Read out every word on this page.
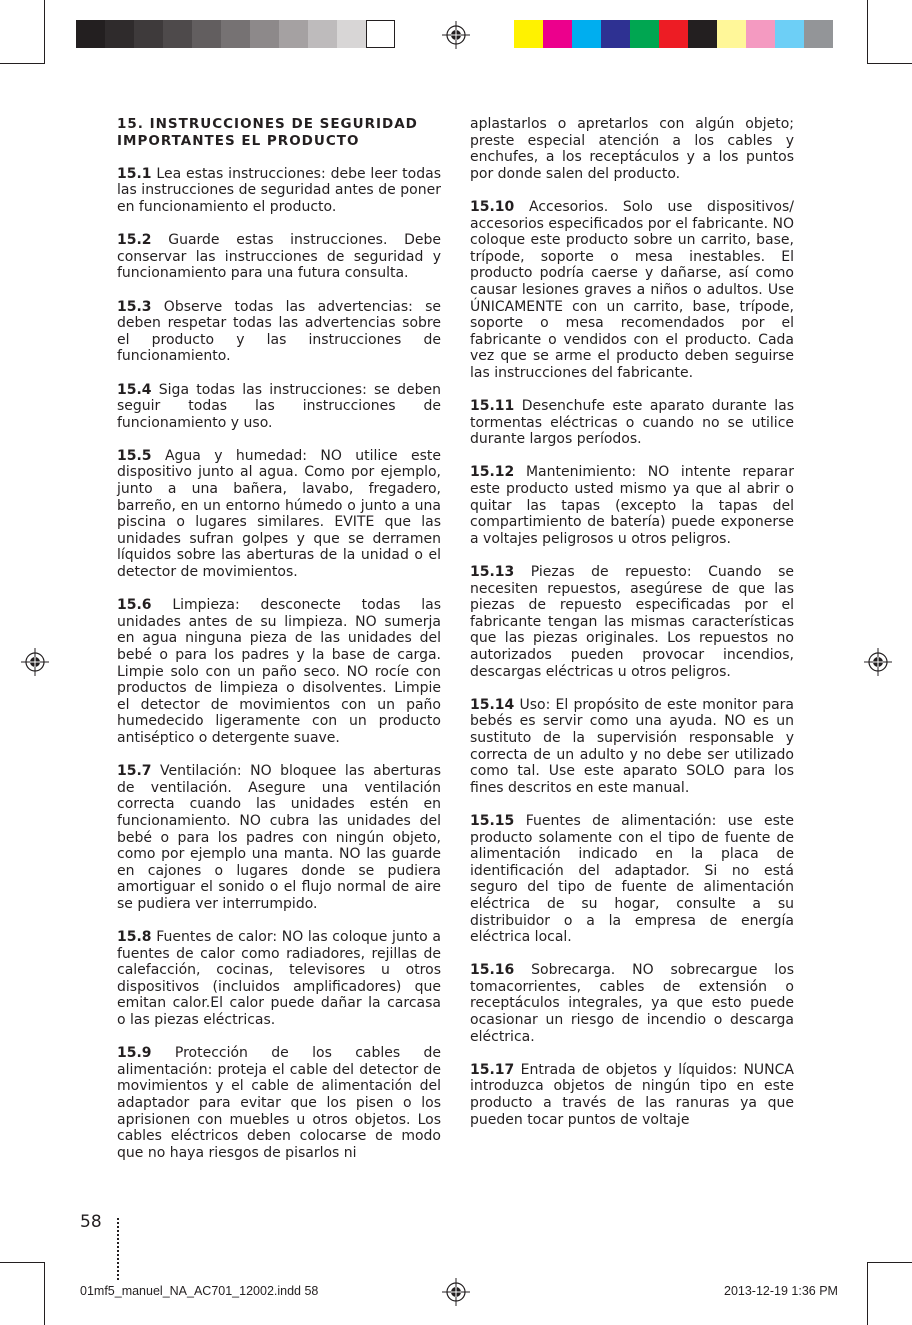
15. INSTRUCCIONES DE SEGURIDAD
IMPORTANTES EL PRODUCTO

15.1 Lea estas instrucciones: debe leer todas las instrucciones de seguridad antes de poner en funcionamiento el producto.

15.2 Guarde estas instrucciones. Debe conservar las instrucciones de seguridad y funcionamiento para una futura consulta.

15.3 Observe todas las advertencias: se deben respetar todas las advertencias sobre el producto y las instrucciones de funcionamiento.

15.4 Siga todas las instrucciones: se deben seguir todas las instrucciones de funcionamiento y uso.

15.5 Agua y humedad: NO utilice este dispositivo junto al agua. Como por ejemplo, junto a una bañera, lavabo, fregadero, barreño, en un entorno húmedo o junto a una piscina o lugares similares. EVITE que las unidades sufran golpes y que se derramen líquidos sobre las aberturas de la unidad o el detector de movimientos.

15.6 Limpieza: desconecte todas las unidades antes de su limpieza. NO sumerja en agua ninguna pieza de las unidades del bebé o para los padres y la base de carga. Limpie solo con un paño seco. NO rocíe con productos de limpieza o disolventes. Limpie el detector de movimientos con un paño humedecido ligeramente con un producto antiséptico o detergente suave.

15.7 Ventilación: NO bloquee las aberturas de ventilación. Asegure una ventilación correcta cuando las unidades estén en funcionamiento. NO cubra las unidades del bebé o para los padres con ningún objeto, como por ejemplo una manta. NO las guarde en cajones o lugares donde se pudiera amortiguar el sonido o el flujo normal de aire se pudiera ver interrumpido.

15.8 Fuentes de calor: NO las coloque junto a fuentes de calor como radiadores, rejillas de calefacción, cocinas, televisores u otros dispositivos (incluidos amplificadores) que emitan calor.El calor puede dañar la carcasa o las piezas eléctricas.

15.9 Protección de los cables de alimentación: proteja el cable del detector de movimientos y el cable de alimentación del adaptador para evitar que los pisen o los aprisionen con muebles u otros objetos. Los cables eléctricos deben colocarse de modo que no haya riesgos de pisarlos ni

aplastarlos o apretarlos con algún objeto; preste especial atención a los cables y enchufes, a los receptáculos y a los puntos por donde salen del producto.

15.10 Accesorios. Solo use dispositivos/ accesorios especificados por el fabricante. NO coloque este producto sobre un carrito, base, trípode, soporte o mesa inestables. El producto podría caerse y dañarse, así como causar lesiones graves a niños o adultos. Use ÚNICAMENTE con un carrito, base, trípode, soporte o mesa recomendados por el fabricante o vendidos con el producto. Cada vez que se arme el producto deben seguirse las instrucciones del fabricante.

15.11 Desenchufe este aparato durante las tormentas eléctricas o cuando no se utilice durante largos períodos.

15.12 Mantenimiento: NO intente reparar este producto usted mismo ya que al abrir o quitar las tapas (excepto la tapas del compartimiento de batería) puede exponerse a voltajes peligrosos u otros peligros.

15.13 Piezas de repuesto: Cuando se necesiten repuestos, asegúrese de que las piezas de repuesto especificadas por el fabricante tengan las mismas características que las piezas originales. Los repuestos no autorizados pueden provocar incendios, descargas eléctricas u otros peligros.

15.14 Uso: El propósito de este monitor para bebés es servir como una ayuda. NO es un sustituto de la supervisión responsable y correcta de un adulto y no debe ser utilizado como tal. Use este aparato SOLO para los fines descritos en este manual.

15.15 Fuentes de alimentación: use este producto solamente con el tipo de fuente de alimentación indicado en la placa de identificación del adaptador. Si no está seguro del tipo de fuente de alimentación eléctrica de su hogar, consulte a su distribuidor o a la empresa de energía eléctrica local.

15.16 Sobrecarga. NO sobrecargue los tomacorrientes, cables de extensión o receptáculos integrales, ya que esto puede ocasionar un riesgo de incendio o descarga eléctrica.

15.17 Entrada de objetos y líquidos: NUNCA introduzca objetos de ningún tipo en este producto a través de las ranuras ya que pueden tocar puntos de voltaje

58
01mf5_manuel_NA_AC701_12002.indd 58	2013-12-19 1:36 PM
